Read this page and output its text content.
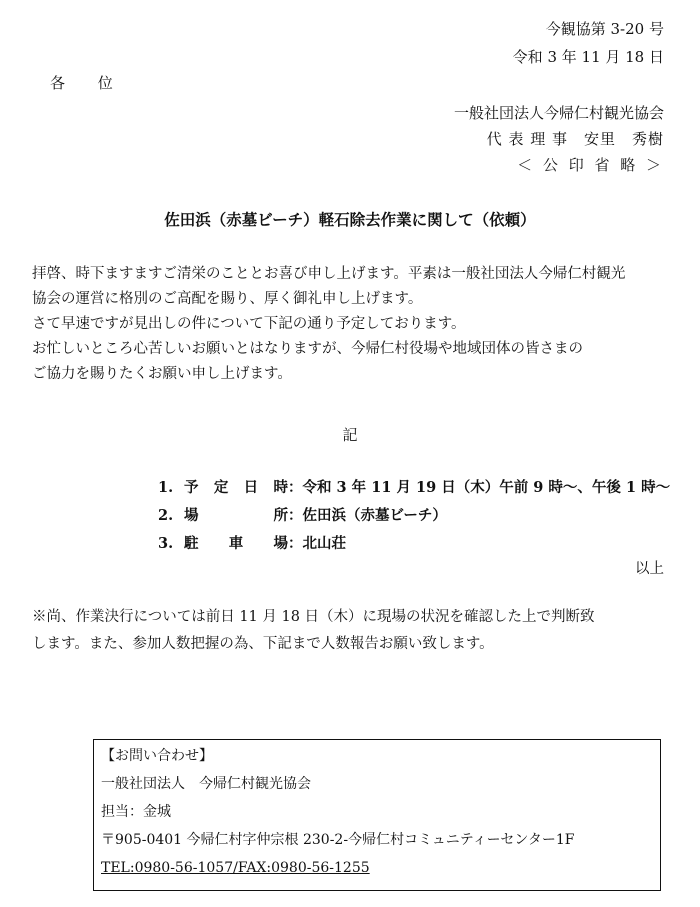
今観協第 3-20 号
令和 3 年 11 月 18 日
各 位
一般社団法人今帰仁村観光協会
代 表 理 事　安里　秀樹
＜ 公 印 省 略 ＞
佐田浜（赤墓ビーチ）軽石除去作業に関して（依頼）
拝啓、時下ますますご清栄のこととお喜び申し上げます。平素は一般社団法人今帰仁村観光
協会の運営に格別のご高配を賜り、厚く御礼申し上げます。
さて早速ですが見出しの件について下記の通り予定しております。
お忙しいところ心苦しいお願いとはなりますが、今帰仁村役場や地域団体の皆さまの
ご協力を賜りたくお願い申し上げます。
記
1. 予定日時 ：令和 3 年 11 月 19 日（木）午前 9 時～、午後 1 時～
2. 場所 ：佐田浜（赤墓ビーチ）
3. 駐車場 ：北山荘
以上
※尚、作業決行については前日 11 月 18 日（木）に現場の状況を確認した上で判断致
します。また、参加人数把握の為、下記まで人数報告お願い致します。
【お問い合わせ】
一般社団法人　今帰仁村観光協会
担当：金城
〒905-0401 今帰仁村字仲宗根 230-2-今帰仁村コミュニティーセンター1F
TEL:0980-56-1057/FAX:0980-56-1255
